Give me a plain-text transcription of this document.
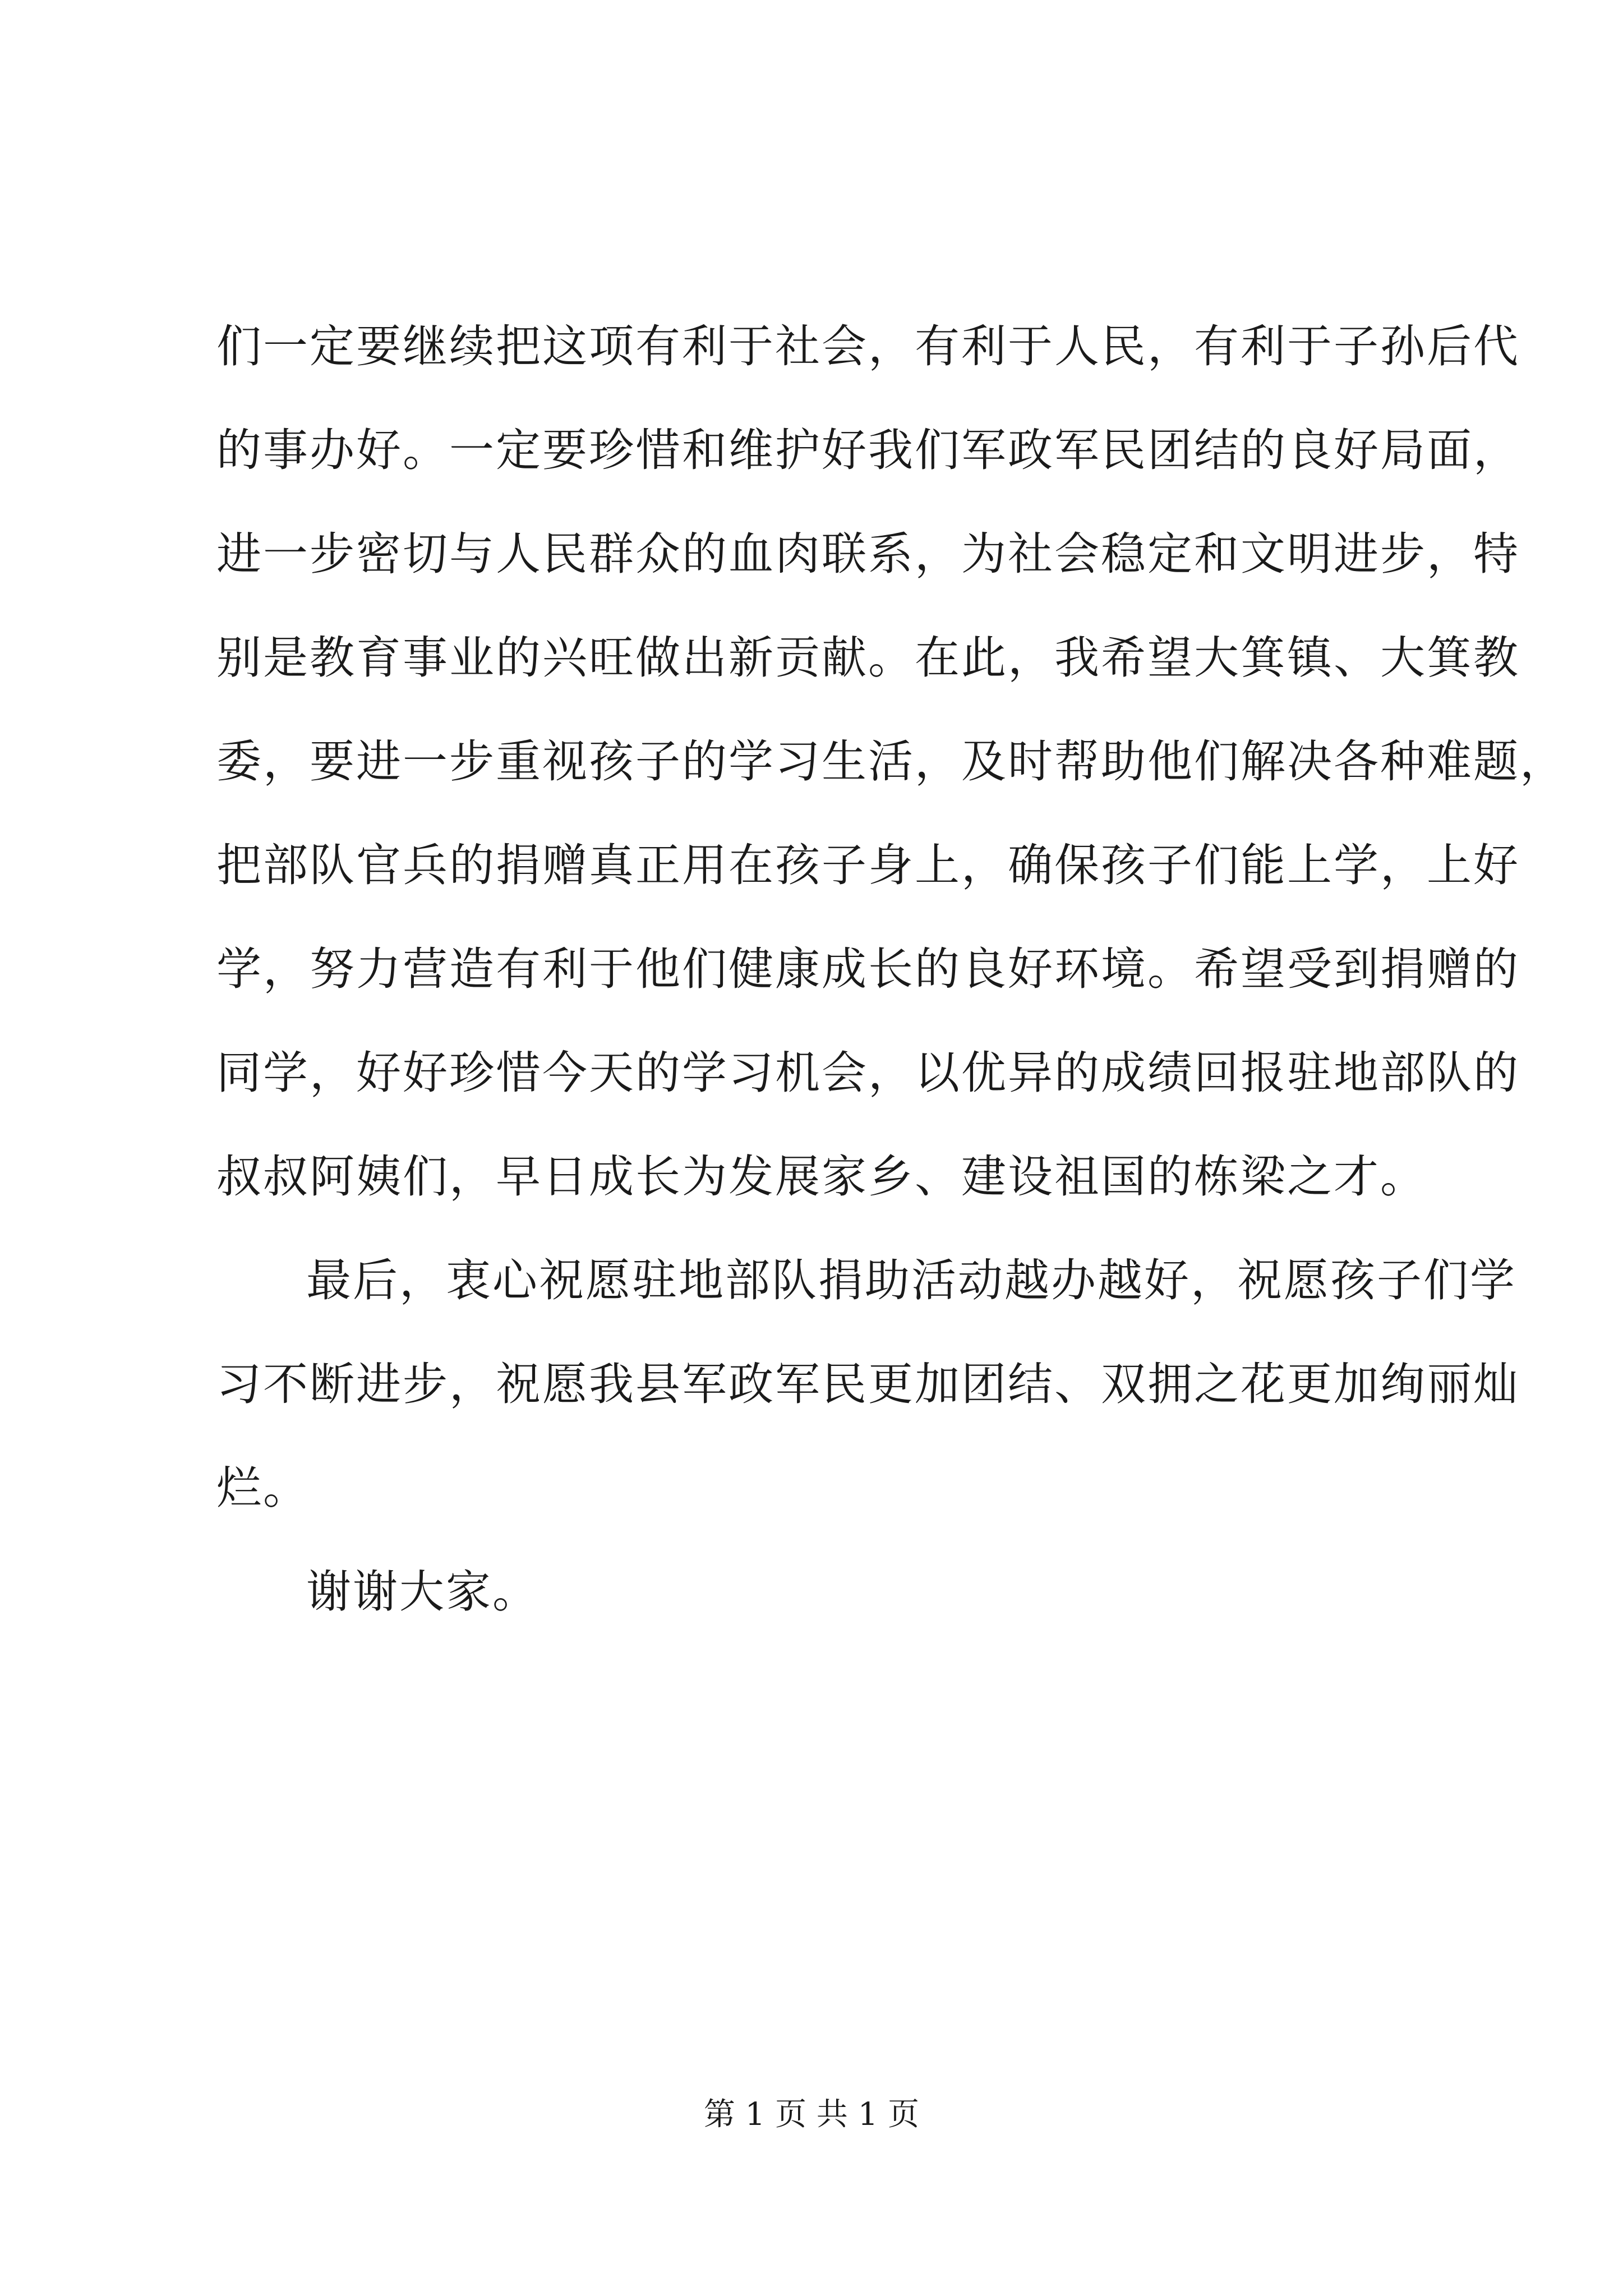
们一定要继续把这项有利于社会，有利于人民，有利于子孙后代
的事办好。一定要珍惜和维护好我们军政军民团结的良好局面，
进一步密切与人民群众的血肉联系，为社会稳定和文明进步，特
别是教育事业的兴旺做出新贡献。在此，我希望大箕镇、大箕教
委，要进一步重视孩子的学习生活，及时帮助他们解决各种难题，
把部队官兵的捐赠真正用在孩子身上，确保孩子们能上学，上好
学，努力营造有利于他们健康成长的良好环境。希望受到捐赠的
同学，好好珍惜今天的学习机会，以优异的成绩回报驻地部队的
叔叔阿姨们，早日成长为发展家乡、建设祖国的栋梁之才。
最后，衷心祝愿驻地部队捐助活动越办越好，祝愿孩子们学
习不断进步，祝愿我县军政军民更加团结、双拥之花更加绚丽灿
烂。
谢谢大家。
第 1 页 共 1 页
